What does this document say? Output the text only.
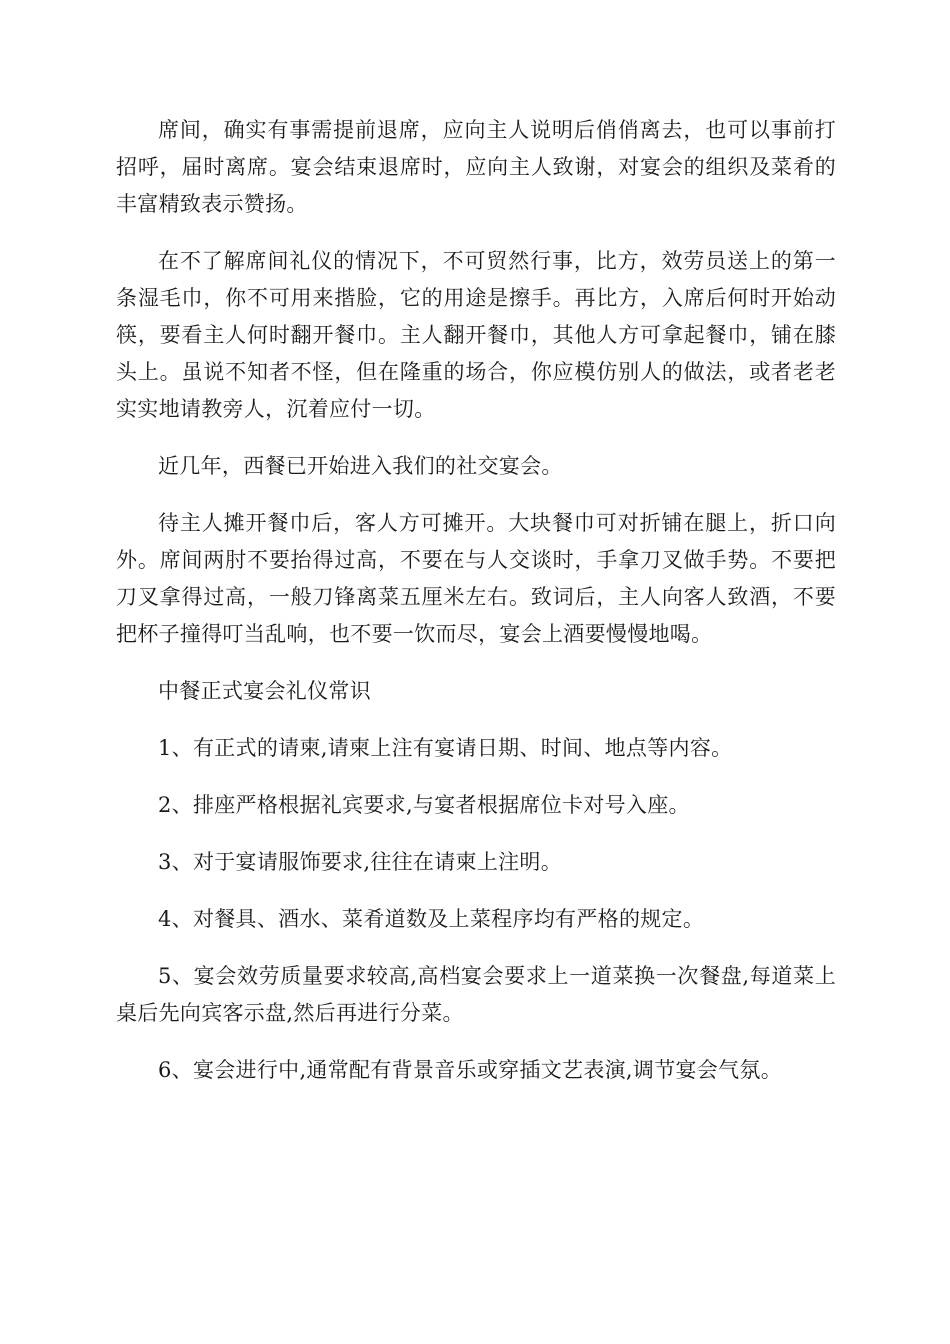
席间，确实有事需提前退席，应向主人说明后俏俏离去，也可以事前打招呼，届时离席。宴会结束退席时，应向主人致谢，对宴会的组织及菜肴的丰富精致表示赞扬。

在不了解席间礼仪的情况下，不可贸然行事，比方，效劳员送上的第一条湿毛巾，你不可用来揩脸，它的用途是擦手。再比方，入席后何时开始动筷，要看主人何时翻开餐巾。主人翻开餐巾，其他人方可拿起餐巾，铺在膝头上。虽说不知者不怪，但在隆重的场合，你应模仿别人的做法，或者老老实实地请教旁人，沉着应付一切。

近几年，西餐已开始进入我们的社交宴会。

待主人摊开餐巾后，客人方可摊开。大块餐巾可对折铺在腿上，折口向外。席间两肘不要抬得过高，不要在与人交谈时，手拿刀叉做手势。不要把刀叉拿得过高，一般刀锋离菜五厘米左右。致词后，主人向客人致酒，不要把杯子撞得叮当乱响，也不要一饮而尽，宴会上酒要慢慢地喝。

中餐正式宴会礼仪常识

1、有正式的请柬,请柬上注有宴请日期、时间、地点等内容。

2、排座严格根据礼宾要求,与宴者根据席位卡对号入座。

3、对于宴请服饰要求,往往在请柬上注明。

4、对餐具、酒水、菜肴道数及上菜程序均有严格的规定。

5、宴会效劳质量要求较高,高档宴会要求上一道菜换一次餐盘,每道菜上桌后先向宾客示盘,然后再进行分菜。

6、宴会进行中,通常配有背景音乐或穿插文艺表演,调节宴会气氛。
